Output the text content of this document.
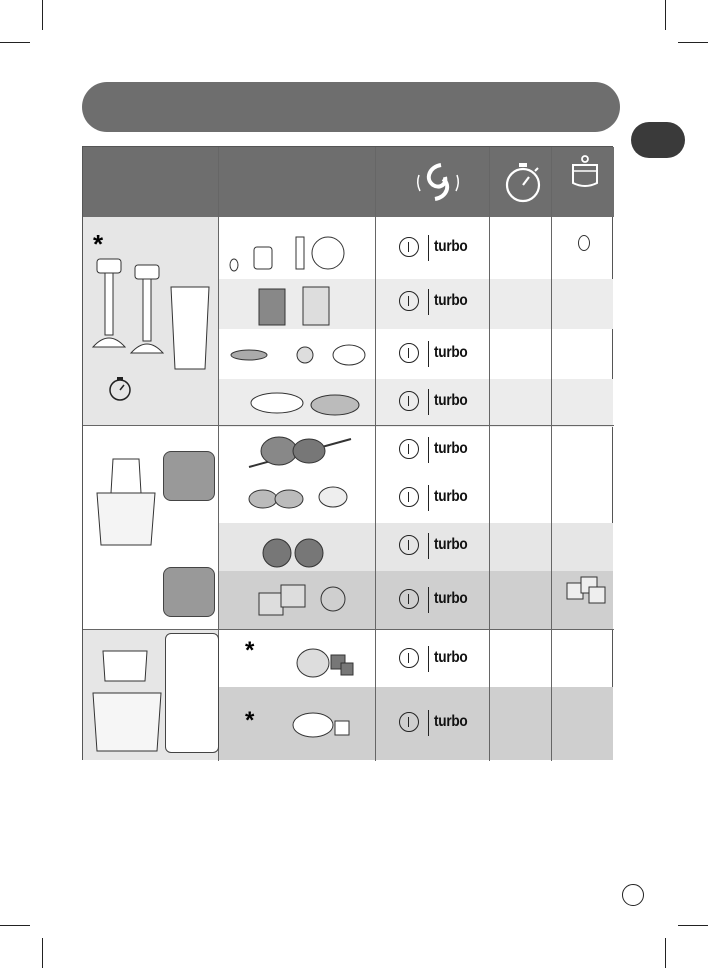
*
*
*
turbo
turbo
turbo
turbo
turbo
turbo
turbo
turbo
turbo
turbo
